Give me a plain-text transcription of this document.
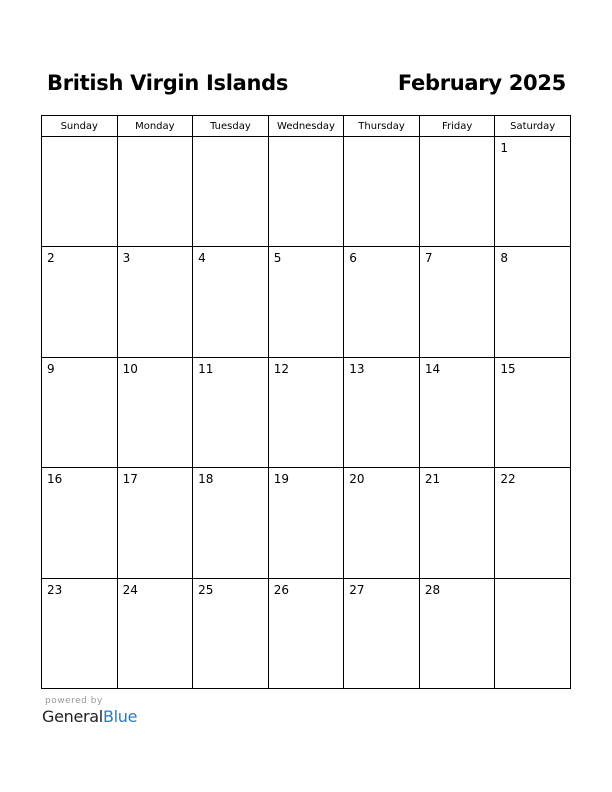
British Virgin Islands	February 2025
Sunday	Monday	Tuesday	Wednesday	Thursday	Friday	Saturday

						1

2	3	4	5	6	7	8

9	10	11	12	13	14	15

16	17	18	19	20	21	22

23	24	25	26	27	28	

powered by
GeneralBlue
